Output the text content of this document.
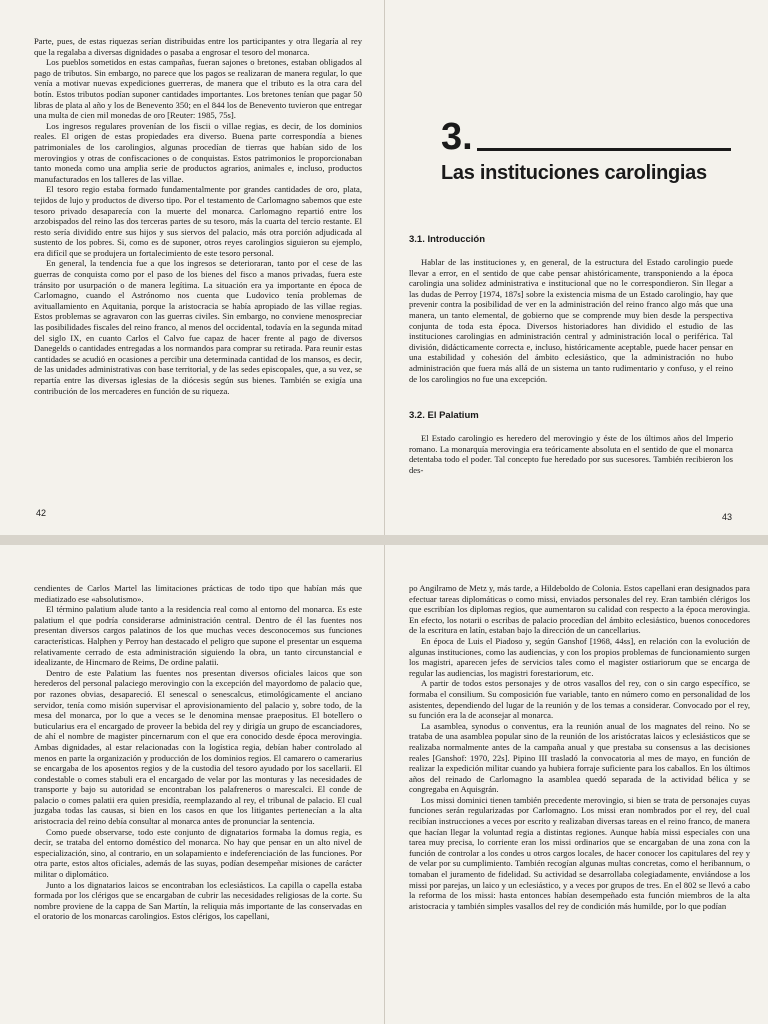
Parte, pues, de estas riquezas serían distribuidas entre los participantes y otra llegaría al rey que la regalaba a diversas dignidades o pasaba a engrosar el tesoro del monarca.

Los pueblos sometidos en estas campañas, fueran sajones o bretones, estaban obligados al pago de tributos. Sin embargo, no parece que los pagos se realizaran de manera regular, lo que venía a motivar nuevas expediciones guerreras, de manera que el tributo es la otra cara del botín. Estos tributos podían suponer cantidades importantes. Los bretones tenían que pagar 50 libras de plata al año y los de Benevento 350; en el 844 los de Benevento tuvieron que entregar una multa de cien mil monedas de oro [Reuter: 1985, 75s].

Los ingresos regulares provenían de los fiscii o villae regias, es decir, de los dominios reales. El origen de estas propiedades era diverso. Buena parte correspondía a bienes patrimoniales de los carolingios, algunas procedían de tierras que habían sido de los merovingios y otras de confiscaciones o de conquistas. Estos patrimonios le proporcionaban tanto moneda como una amplia serie de productos agrarios, animales e, incluso, productos manufacturados en los talleres de las villae.

El tesoro regio estaba formado fundamentalmente por grandes cantidades de oro, plata, tejidos de lujo y productos de diverso tipo. Por el testamento de Carlomagno sabemos que este tesoro privado desaparecía con la muerte del monarca. Carlomagno repartió entre los arzobispados del reino las dos terceras partes de su tesoro, más la cuarta del tercio restante. El resto sería dividido entre sus hijos y sus siervos del palacio, más otra porción adjudicada al sustento de los pobres. Si, como es de suponer, otros reyes carolingios siguieron su ejemplo, era difícil que se produjera un fortalecimiento de este tesoro personal.

En general, la tendencia fue a que los ingresos se deterioraran, tanto por el cese de las guerras de conquista como por el paso de los bienes del fisco a manos privadas, fuera este tránsito por usurpación o de manera legítima. La situación era ya importante en época de Carlomagno, cuando el Astrónomo nos cuenta que Ludovico tenía problemas de avituallamiento en Aquitania, porque la aristocracia se había apropiado de las villae regias. Estos problemas se agravaron con las guerras civiles. Sin embargo, no conviene menospreciar las posibilidades fiscales del reino franco, al menos del occidental, todavía en la segunda mitad del siglo IX, en cuanto Carlos el Calvo fue capaz de hacer frente al pago de diversos Danegelds o cantidades entregadas a los normandos para comprar su retirada. Para reunir estas cantidades se acudió en ocasiones a percibir una determinada cantidad de los mansos, es decir, de las unidades administrativas con base territorial, y de las sedes episcopales, que, a su vez, se repartía entre las diversas iglesias de la diócesis según sus bienes. También se exigía una contribución de los mercaderes en función de su riqueza.

42
3.
Las instituciones carolingias
3.1. Introducción

Hablar de las instituciones y, en general, de la estructura del Estado carolingio puede llevar a error, en el sentido de que cabe pensar ahistóricamente, transponiendo a la época carolingia una solidez administrativa e institucional que no le correspondieron. Sin llegar a las dudas de Perroy [1974, 187s] sobre la existencia misma de un Estado carolingio, hay que prevenir contra la posibilidad de ver en la administración del reino franco algo más que una manera, un tanto elemental, de gobierno que se comprende muy bien desde la perspectiva conjunta de toda esta época. Diversos historiadores han dividido el estudio de las instituciones carolingias en administración central y administración local o periférica. Tal división, didácticamente correcta e, incluso, históricamente aceptable, puede hacer pensar en una estabilidad y cohesión del ámbito eclesiástico, que la administración no hubo administración que fuera más allá de un sistema un tanto rudimentario y confuso, y el reino de los carolingios no fue una excepción.

3.2. El Palatium

El Estado carolingio es heredero del merovingio y éste de los últimos años del Imperio romano. La monarquía merovingia era teóricamente absoluta en el sentido de que el monarca detentaba todo el poder. Tal concepto fue heredado por sus sucesores. También recibieron los des-

43

cendientes de Carlos Martel las limitaciones prácticas de todo tipo que habían más que mediatizado ese «absolutismo».

El término palatium alude tanto a la residencia real como al entorno del monarca. Es este palatium el que podría considerarse administración central. Dentro de él las fuentes nos presentan diversos cargos palatinos de los que muchas veces desconocemos sus funciones características. Halphen y Perroy han destacado el peligro que supone el presentar un esquema relativamente cerrado de esta administración siguiendo la obra, un tanto circunstancial e idealizante, de Hincmaro de Reims, De ordine palatii.

Dentro de este Palatium las fuentes nos presentan diversos oficiales laicos que son herederos del personal palaciego merovingio con la excepción del mayordomo de palacio que, por razones obvias, desapareció. El senescal o senescalcus, etimológicamente el anciano servidor, tenía como misión supervisar el aprovisionamiento del palacio y, sobre todo, de la mesa del monarca, por lo que a veces se le denomina mensae praepositus. El botellero o buticularius era el encargado de proveer la bebida del rey y dirigía un grupo de escanciadores, de ahí el nombre de magister pincernarum con el que era conocido desde época merovingia. Ambas dignidades, al estar relacionadas con la logística regia, debían haber controlado al menos en parte la organización y producción de los dominios regios. El camarero o camerarius se encargaba de los aposentos regios y de la custodia del tesoro ayudado por los sacellarii. El condestable o comes stabuli era el encargado de velar por las monturas y las necesidades de transporte y bajo su autoridad se encontraban los palafreneros o marescalci. El conde de palacio o comes palatii era quien presidía, reemplazando al rey, el tribunal de palacio. El cual juzgaba todas las causas, si bien en los casos en que los litigantes pertenecían a la alta aristocracia del reino debía consultar al monarca antes de pronunciar la sentencia.

Como puede observarse, todo este conjunto de dignatarios formaba la domus regia, es decir, se trataba del entorno doméstico del monarca. No hay que pensar en un alto nivel de especialización, sino, al contrario, en un solapamiento e indeferenciación de las funciones. Por otra parte, estos altos oficiales, además de las suyas, podían desempeñar misiones de carácter militar o diplomático.

Junto a los dignatarios laicos se encontraban los eclesiásticos. La capilla o capella estaba formada por los clérigos que se encargaban de cubrir las necesidades religiosas de la corte. Su nombre proviene de la cappa de San Martín, la reliquia más importante de las conservadas en el oratorio de los monarcas carolingios. Estos clérigos, los capellani,

po Angilramo de Metz y, más tarde, a Hildeboldo de Colonia. Estos capellani eran designados para efectuar tareas diplomáticas o como missi, enviados personales del rey. Eran también clérigos los que escribían los diplomas regios, que aumentaron su calidad con respecto a la época merovingia. En efecto, los notarii o escribas de palacio procedían del ámbito eclesiástico, buenos conocedores de la escritura en latín, estaban bajo la dirección de un cancellarius.

En época de Luis el Piadoso y, según Ganshof [1968, 44ss], en relación con la evolución de algunas instituciones, como las audiencias, y con los propios problemas de funcionamiento surgen los magistri, aparecen jefes de servicios tales como el magister ostiariorum que se encarga de regular las audiencias, los magistri forestariorum, etc.

A partir de todos estos personajes y de otros vasallos del rey, con o sin cargo específico, se formaba el consilium. Su composición fue variable, tanto en número como en personalidad de los asistentes, dependiendo del lugar de la reunión y de los temas a considerar. Convocado por el rey, su función era la de aconsejar al monarca.

La asamblea, synodus o conventus, era la reunión anual de los magnates del reino. No se trataba de una asamblea popular sino de la reunión de los aristócratas laicos y eclesiásticos que se realizaba normalmente antes de la campaña anual y que prestaba su consensus a las decisiones reales [Ganshof: 1970, 22s]. Pipino III trasladó la convocatoria al mes de mayo, en función de realizar la expedición militar cuando ya hubiera forraje suficiente para los caballos. En los últimos años del reinado de Carlomagno la asamblea quedó separada de la actividad bélica y se congregaba en Aquisgrán.

Los missi dominici tienen también precedente merovingio, si bien se trata de personajes cuyas funciones serán regularizadas por Carlomagno. Los missi eran nombrados por el rey, del cual recibían instrucciones a veces por escrito y realizaban diversas tareas en el reino franco, de manera que hacían llegar la voluntad regia a distintas regiones. Aunque había missi especiales con una tarea muy precisa, lo corriente eran los missi ordinarios que se encargaban de una zona con la función de controlar a los condes u otros cargos locales, de hacer conocer los capitulares del rey y de velar por su cumplimiento. También recogían algunas multas concretas, como el heribannum, o tomaban el juramento de fidelidad. Su actividad se desarrollaba colegiadamente, enviándose a los missi por parejas, un laico y un eclesiástico, y a veces por grupos de tres. En el 802 se llevó a cabo la reforma de los missi: hasta entonces habían desempeñado esta función miembros de la alta aristocracia y también simples vasallos del rey de condición más humilde, por lo que podían
